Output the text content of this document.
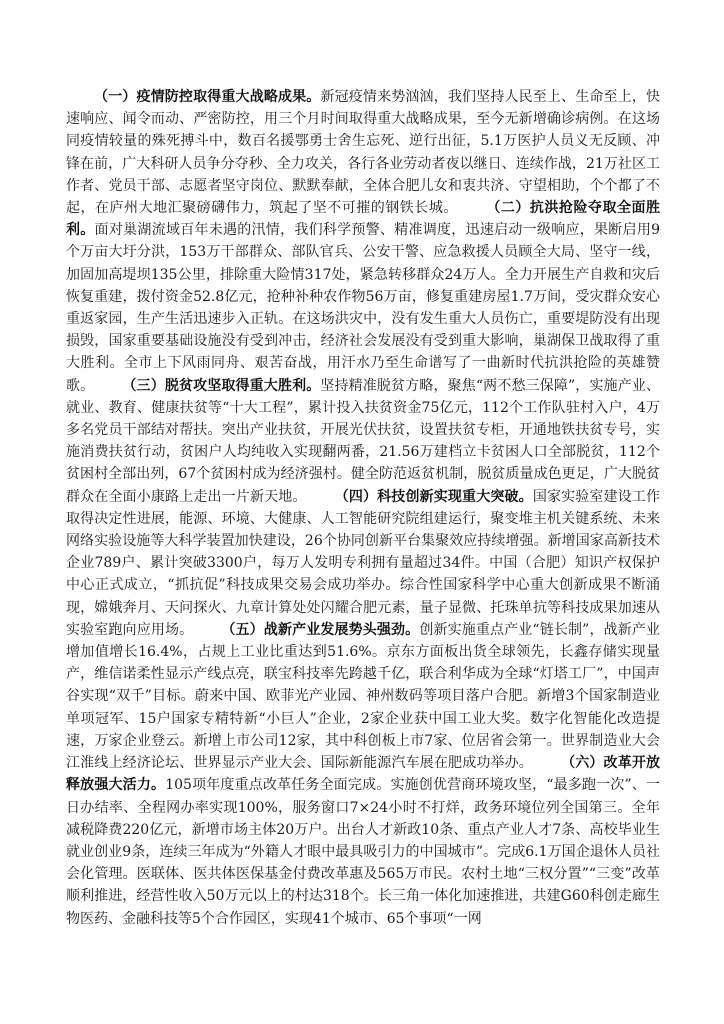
（一）疫情防控取得重大战略成果。新冠疫情来势汹汹，我们坚持人民至上、生命至上，快速响应、闻令而动、严密防控，用三个月时间取得重大战略成果，至今无新增确诊病例。在这场同疫情较量的殊死搏斗中，数百名援鄂勇士舍生忘死、逆行出征，5.1万医护人员义无反顾、冲锋在前，广大科研人员争分夺秒、全力攻关，各行各业劳动者夜以继日、连续作战，21万社区工作者、党员干部、志愿者坚守岗位、默默奉献，全体合肥儿女和衷共济、守望相助，个个都了不起，在庐州大地汇聚磅礴伟力，筑起了坚不可摧的钢铁长城。 （二）抗洪抢险夺取全面胜利。面对巢湖流域百年未遇的汛情，我们科学预警、精准调度，迅速启动一级响应，果断启用9个万亩大圩分洪，153万干部群众、部队官兵、公安干警、应急救援人员顾全大局、坚守一线，加固加高堤坝135公里，排除重大险情317处，紧急转移群众24万人。全力开展生产自救和灾后恢复重建，拨付资金52.8亿元，抢种补种农作物56万亩，修复重建房屋1.7万间，受灾群众安心重返家园，生产生活迅速步入正轨。在这场洪灾中，没有发生重大人员伤亡，重要堤防没有出现损毁，国家重要基础设施没有受到冲击，经济社会发展没有受到重大影响，巢湖保卫战取得了重大胜利。全市上下风雨同舟、艰苦奋战，用汗水乃至生命谱写了一曲新时代抗洪抢险的英雄赞歌。 （三）脱贫攻坚取得重大胜利。坚持精准脱贫方略，聚焦“两不愁三保障”，实施产业、就业、教育、健康扶贫等“十大工程”，累计投入扶贫资金75亿元，112个工作队驻村入户，4万多名党员干部结对帮扶。突出产业扶贫，开展光伏扶贫，设置扶贫专柜，开通地铁扶贫专号，实施消费扶贫行动，贫困户人均纯收入实现翻两番，21.56万建档立卡贫困人口全部脱贫，112个贫困村全部出列，67个贫困村成为经济强村。健全防范返贫机制，脱贫质量成色更足，广大脱贫群众在全面小康路上走出一片新天地。 （四）科技创新实现重大突破。国家实验室建设工作取得决定性进展，能源、环境、大健康、人工智能研究院组建运行，聚变堆主机关键系统、未来网络实验设施等大科学装置加快建设，26个协同创新平台集聚效应持续增强。新增国家高新技术企业789户、累计突破3300户，每万人发明专利拥有量超过34件。中国（合肥）知识产权保护中心正式成立，“抓抗促”科技成果交易会成功举办。综合性国家科学中心重大创新成果不断涌现，嫦娥奔月、天问探火、九章计算处处闪耀合肥元素，量子显微、托珠单抗等科技成果加速从实验室跑向应用场。 （五）战新产业发展势头强劲。创新实施重点产业“链长制”，战新产业增加值增长16.4%，占规上工业比重达到51.6%。京东方面板出货全球领先，长鑫存储实现量产，维信诺柔性显示产线点亮，联宝科技率先跨越千亿，联合利华成为全球“灯塔工厂”，中国声谷实现“双千”目标。蔚来中国、欧菲光产业园、神州数码等项目落户合肥。新增3个国家制造业单项冠军、15户国家专精特新“小巨人”企业，2家企业获中国工业大奖。数字化智能化改造提速，万家企业登云。新增上市公司12家，其中科创板上市7家、位居省会第一。世界制造业大会江淮线上经济论坛、世界显示产业大会、国际新能源汽车展在肥成功举办。 （六）改革开放释放强大活力。105项年度重点改革任务全面完成。实施创优营商环境攻坚，“最多跑一次”、一日办结率、全程网办率实现100%，服务窗口7×24小时不打烊，政务环境位列全国第三。全年减税降费220亿元，新增市场主体20万户。出台人才新政10条、重点产业人才7条、高校毕业生就业创业9条，连续三年成为“外籍人才眼中最具吸引力的中国城市”。完成6.1万国企退休人员社会化管理。医联体、医共体医保基金付费改革惠及565万市民。农村土地“三权分置”“三变”改革顺利推进，经营性收入50万元以上的村达318个。长三角一体化加速推进，共建G60科创走廊生物医药、金融科技等5个合作园区，实现41个城市、65个事项“一网
